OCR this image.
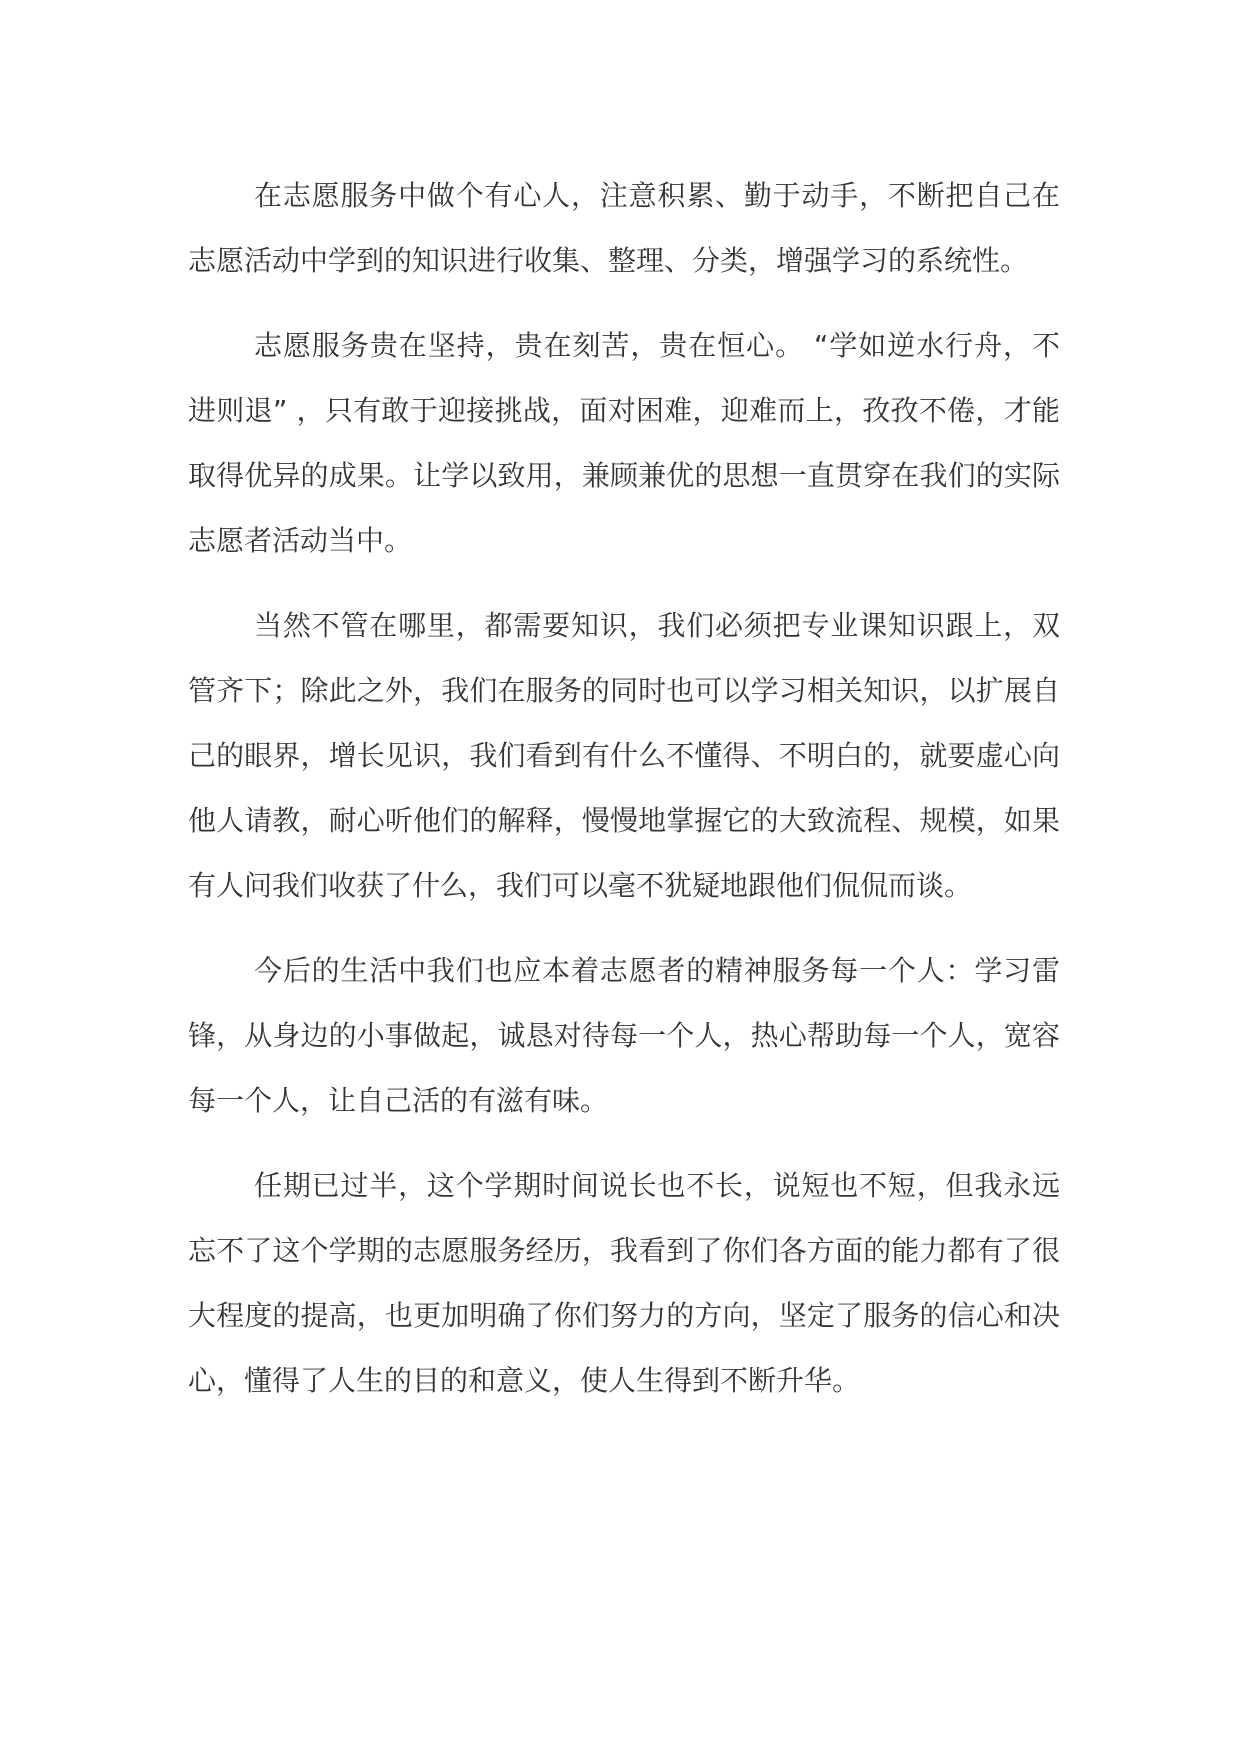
在志愿服务中做个有心人，注意积累、勤于动手，不断把自己在志愿活动中学到的知识进行收集、整理、分类，增强学习的系统性。

志愿服务贵在坚持，贵在刻苦，贵在恒心。 “学如逆水行舟，不进则退” ，只有敢于迎接挑战，面对困难，迎难而上，孜孜不倦，才能取得优异的成果。让学以致用，兼顾兼优的思想一直贯穿在我们的实际志愿者活动当中。

当然不管在哪里，都需要知识，我们必须把专业课知识跟上，双管齐下；除此之外，我们在服务的同时也可以学习相关知识，以扩展自己的眼界，增长见识，我们看到有什么不懂得、不明白的，就要虚心向他人请教，耐心听他们的解释，慢慢地掌握它的大致流程、规模，如果有人问我们收获了什么，我们可以毫不犹疑地跟他们侃侃而谈。

今后的生活中我们也应本着志愿者的精神服务每一个人：学习雷锋，从身边的小事做起，诚恳对待每一个人，热心帮助每一个人，宽容每一个人，让自己活的有滋有味。

任期已过半，这个学期时间说长也不长，说短也不短，但我永远忘不了这个学期的志愿服务经历，我看到了你们各方面的能力都有了很大程度的提高，也更加明确了你们努力的方向，坚定了服务的信心和决心，懂得了人生的目的和意义，使人生得到不断升华。
